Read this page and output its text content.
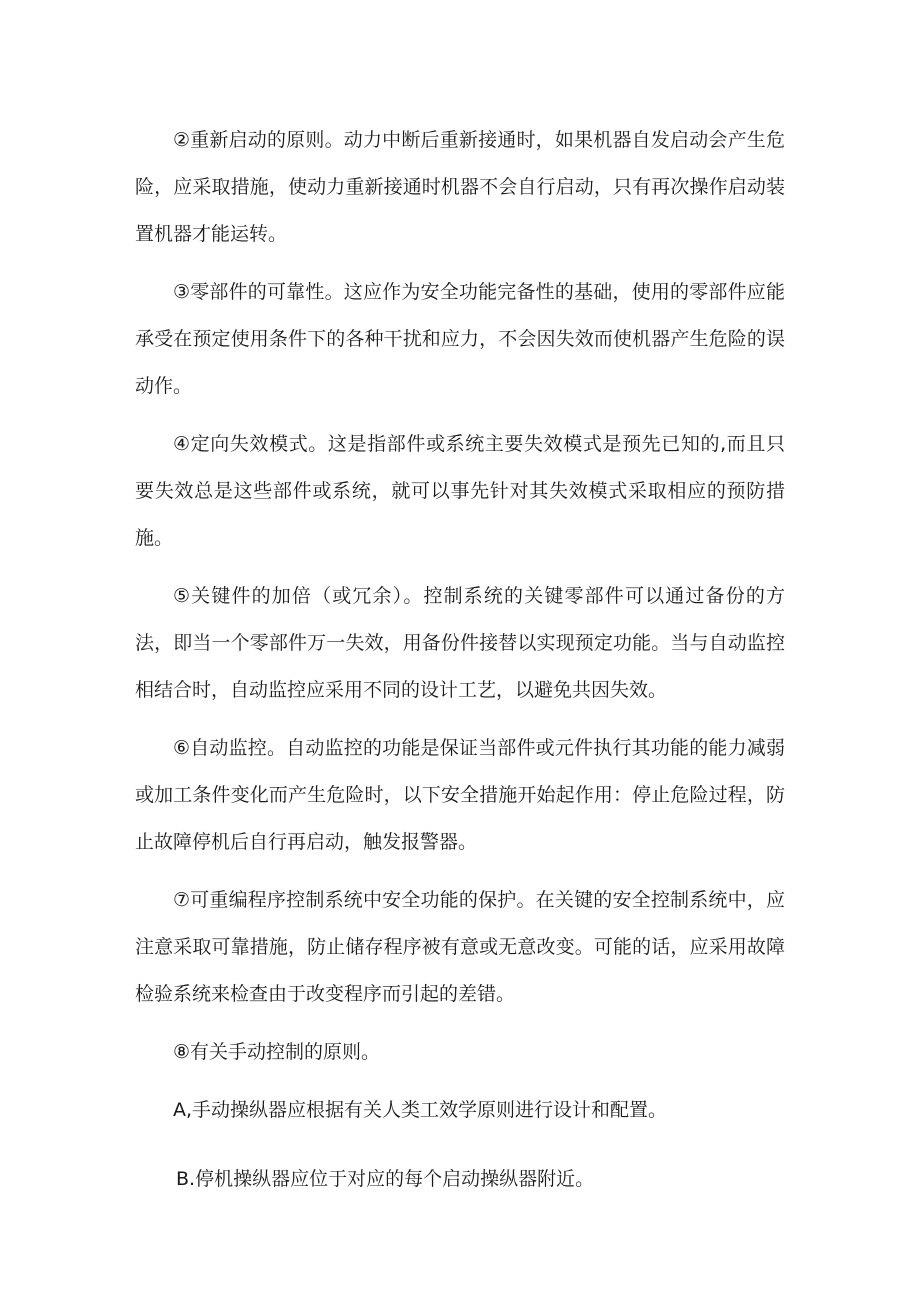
②重新启动的原则。动力中断后重新接通时，如果机器自发启动会产生危险，应采取措施，使动力重新接通时机器不会自行启动，只有再次操作启动装置机器才能运转。

③零部件的可靠性。这应作为安全功能完备性的基础，使用的零部件应能承受在预定使用条件下的各种干扰和应力，不会因失效而使机器产生危险的误动作。

④定向失效模式。这是指部件或系统主要失效模式是预先已知的,而且只要失效总是这些部件或系统，就可以事先针对其失效模式采取相应的预防措施。

⑤关键件的加倍（或冗余）。控制系统的关键零部件可以通过备份的方法，即当一个零部件万一失效，用备份件接替以实现预定功能。当与自动监控相结合时，自动监控应采用不同的设计工艺，以避免共因失效。

⑥自动监控。自动监控的功能是保证当部件或元件执行其功能的能力减弱或加工条件变化而产生危险时，以下安全措施开始起作用：停止危险过程，防止故障停机后自行再启动，触发报警器。

⑦可重编程序控制系统中安全功能的保护。在关键的安全控制系统中，应注意采取可靠措施，防止储存程序被有意或无意改变。可能的话，应采用故障检验系统来检查由于改变程序而引起的差错。

⑧有关手动控制的原则。

A,手动操纵器应根据有关人类工效学原则进行设计和配置。

B.停机操纵器应位于对应的每个启动操纵器附近。
